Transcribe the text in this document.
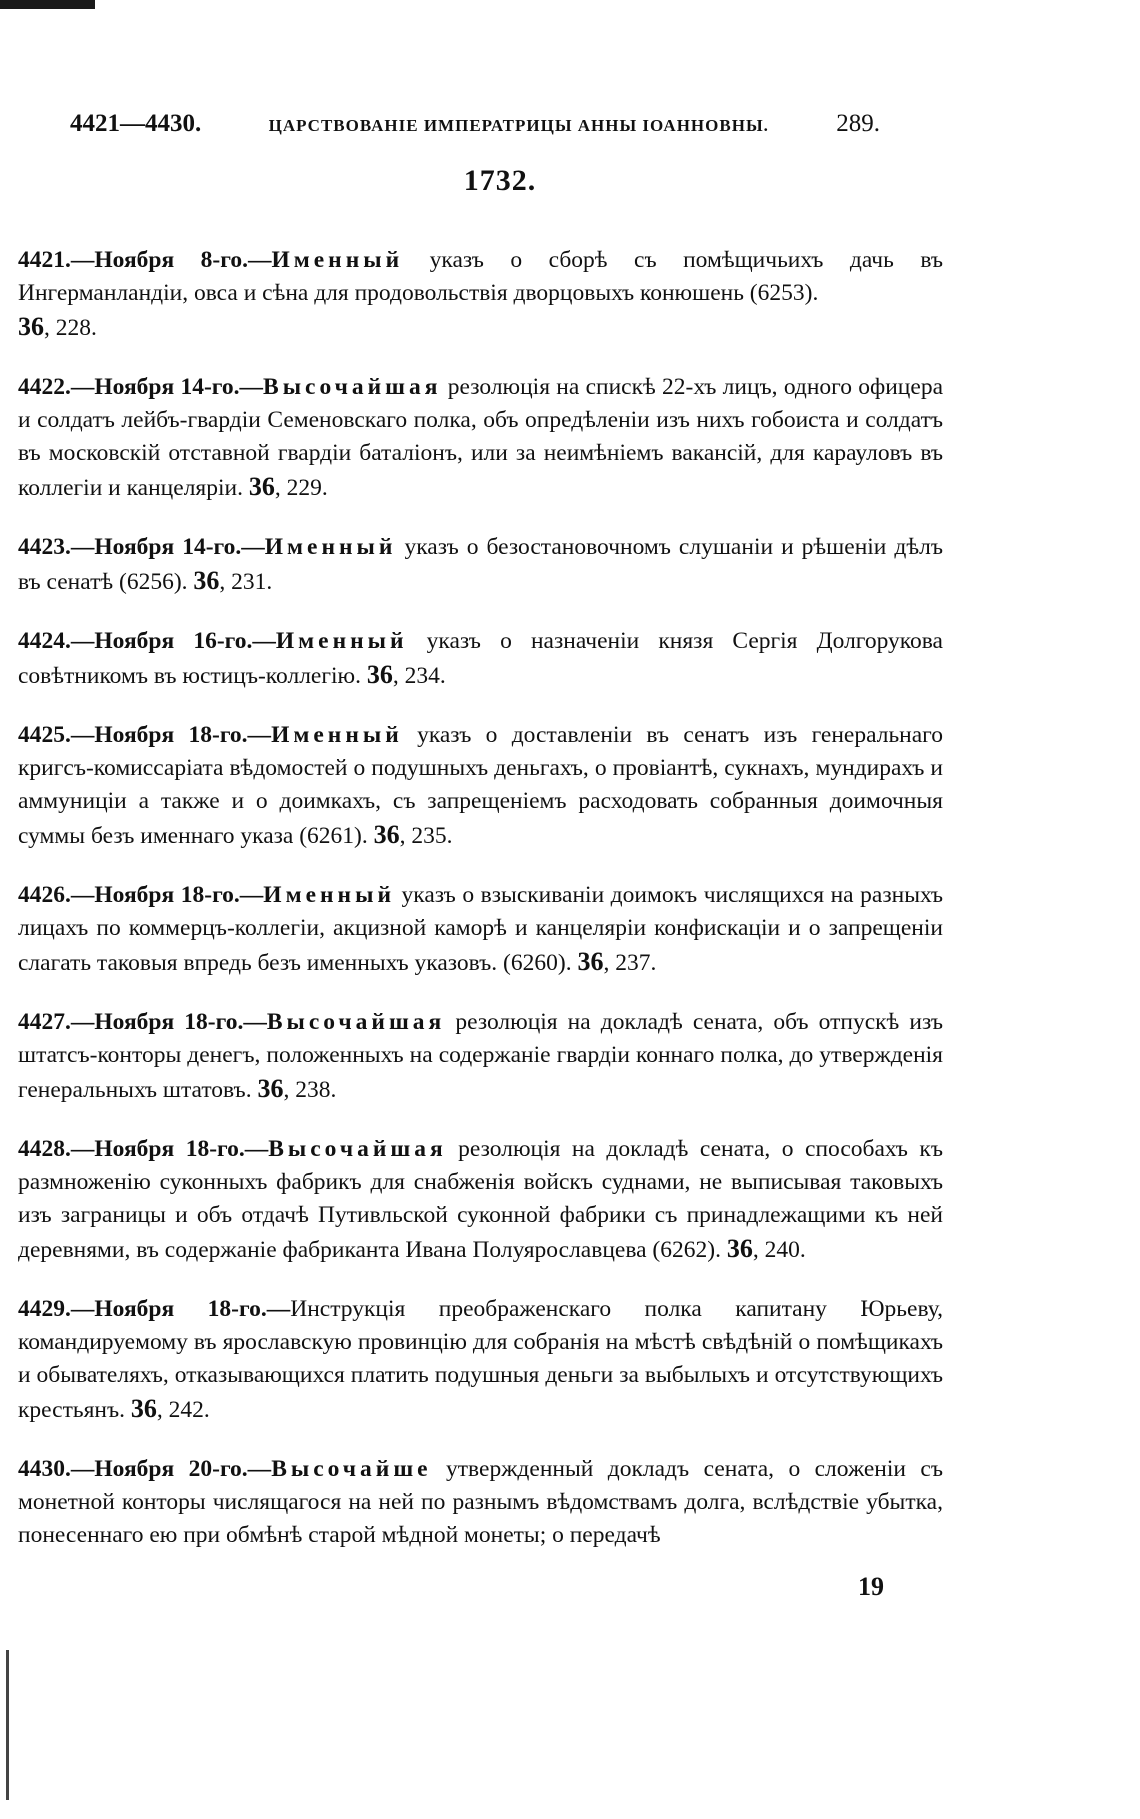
4421—4430.	ЦАРСТВОВАНІЕ ИМПЕРАТРИЦЫ АННЫ ІОАННОВНЫ.	289.
1732.

4421.—Ноября 8-го.—Именный указъ о сборѣ съ помѣщичьихъ дачь въ Ингерманландіи, овса и сѣна для продовольствія дворцовыхъ конюшень (6253).
36, 228.

4422.—Ноября 14-го.—Высочайшая резолюція на спискѣ 22-хъ лицъ, одного офицера и солдатъ лейбъ-гвардіи Семеновскаго полка, объ опредѣленіи изъ нихъ гобоиста и солдатъ въ московскій отставной гвардіи баталіонъ, или за неимѣніемъ вакансій, для карауловъ въ коллегіи и канцеляріи. 36, 229.

4423.—Ноября 14-го.—Именный указъ о безостановочномъ слушаніи и рѣшеніи дѣлъ въ сенатѣ (6256). 36, 231.

4424.—Ноября 16-го.—Именный указъ о назначеніи князя Сергія Долгорукова совѣтникомъ въ юстицъ-коллегію. 36, 234.

4425.—Ноября 18-го.—Именный указъ о доставленіи въ сенатъ изъ генеральнаго кригсъ-комиссаріата вѣдомостей о подушныхъ деньгахъ, о провіантѣ, сукнахъ, мундирахъ и аммуниціи а также и о доимкахъ, съ запрещеніемъ расходовать собранныя доимочныя суммы безъ именнаго указа (6261). 36, 235.

4426.—Ноября 18-го.—Именный указъ о взыскиваніи доимокъ числящихся на разныхъ лицахъ по коммерцъ-коллегіи, акцизной каморѣ и канцеляріи конфискаціи и о запрещеніи слагать таковыя впредь безъ именныхъ указовъ. (6260). 36, 237.

4427.—Ноября 18-го.—Высочайшая резолюція на докладѣ сената, объ отпускѣ изъ штатсъ-конторы денегъ, положенныхъ на содержаніе гвардіи коннаго полка, до утвержденія генеральныхъ штатовъ. 36, 238.

4428.—Ноября 18-го.—Высочайшая резолюція на докладѣ сената, о способахъ къ размноженію суконныхъ фабрикъ для снабженія войскъ суднами, не выписывая таковыхъ изъ заграницы и объ отдачѣ Путивльской суконной фабрики съ принадлежащими къ ней деревнями, въ содержаніе фабриканта Ивана Полуярославцева (6262). 36, 240.

4429.—Ноября 18-го.—Инструкція преображенскаго полка капитану Юрьеву, командируемому въ ярославскую провинцію для собранія на мѣстѣ свѣдѣній о помѣщикахъ и обывателяхъ, отказывающихся платить подушныя деньги за выбылыхъ и отсутствующихъ крестьянъ. 36, 242.

4430.—Ноября 20-го.—Высочайше утвержденный докладъ сената, о сложеніи съ монетной конторы числящагося на ней по разнымъ вѣдомствамъ долга, вслѣдствіе убытка, понесеннаго ею при обмѣнѣ старой мѣдной монеты; о передачѣ

19
